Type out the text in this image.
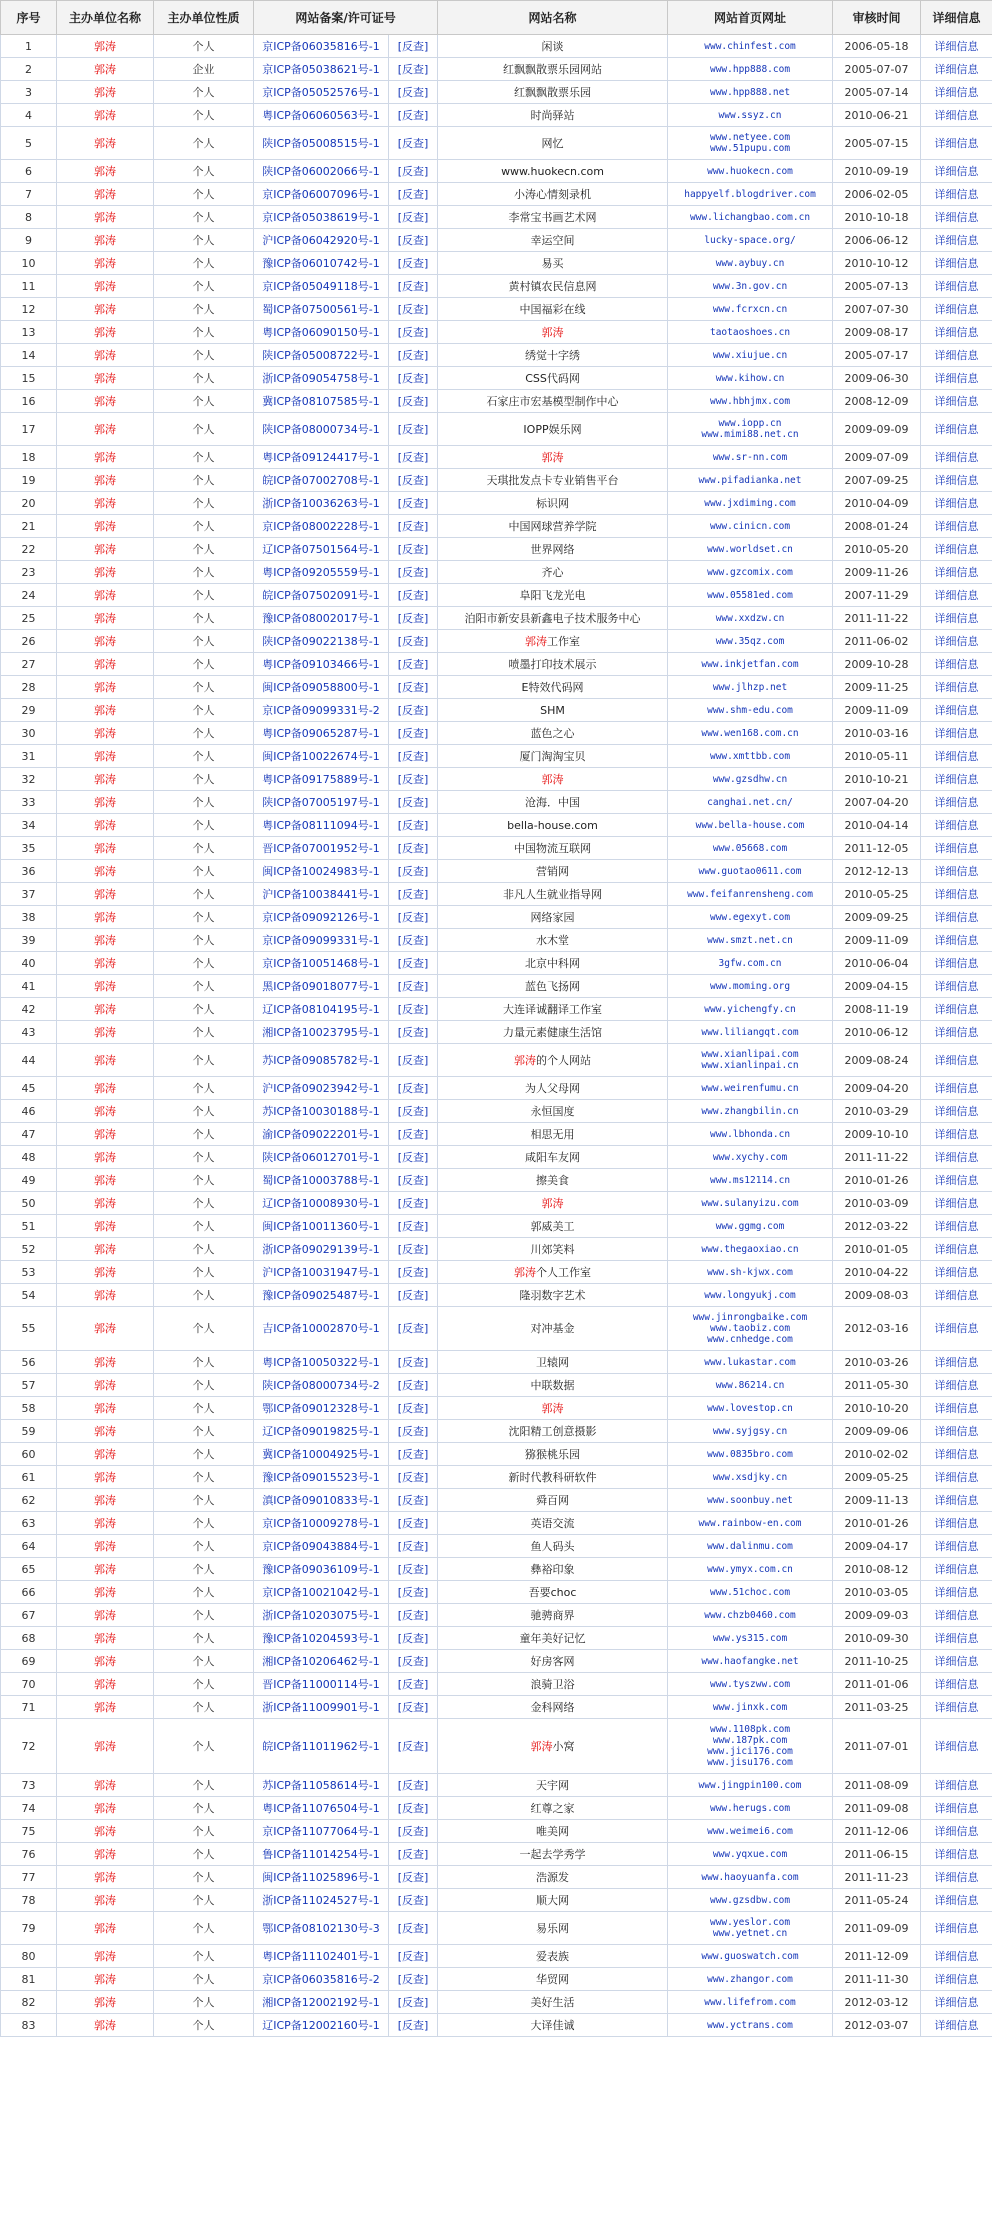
序号	主办单位名称	主办单位性质	网站备案/许可证号		网站名称	网站首页网址	审核时间	详细信息
1	郭涛	个人	京ICP备06035816号-1	[反查]	闲谈	www.chinfest.com	2006-05-18	详细信息
2	郭涛	企业	京ICP备05038621号-1	[反查]	红飘飘散票乐园网站	www.hpp888.com	2005-07-07	详细信息
3	郭涛	个人	京ICP备05052576号-1	[反查]	红飘飘散票乐园	www.hpp888.net	2005-07-14	详细信息
4	郭涛	个人	粤ICP备06060563号-1	[反查]	时尚驿站	www.ssyz.cn	2010-06-21	详细信息
5	郭涛	个人	陕ICP备05008515号-1	[反查]	网忆	www.netyee.com
www.51pupu.com	2005-07-15	详细信息
6	郭涛	个人	陕ICP备06002066号-1	[反查]	www.huokecn.com	www.huokecn.com	2010-09-19	详细信息
7	郭涛	个人	京ICP备06007096号-1	[反查]	小涛心情刻录机	happyelf.blogdriver.com	2006-02-05	详细信息
8	郭涛	个人	京ICP备05038619号-1	[反查]	李常宝书画艺术网	www.lichangbao.com.cn	2010-10-18	详细信息
9	郭涛	个人	沪ICP备06042920号-1	[反查]	幸运空间	lucky-space.org/	2006-06-12	详细信息
10	郭涛	个人	豫ICP备06010742号-1	[反查]	易买	www.aybuy.cn	2010-10-12	详细信息
11	郭涛	个人	京ICP备05049118号-1	[反查]	黄村镇农民信息网	www.3n.gov.cn	2005-07-13	详细信息
12	郭涛	个人	蜀ICP备07500561号-1	[反查]	中国福彩在线	www.fcrxcn.cn	2007-07-30	详细信息
13	郭涛	个人	粤ICP备06090150号-1	[反查]	郭涛	taotaoshoes.cn	2009-08-17	详细信息
14	郭涛	个人	陕ICP备05008722号-1	[反查]	绣觉十字绣	www.xiujue.cn	2005-07-17	详细信息
15	郭涛	个人	浙ICP备09054758号-1	[反查]	CSS代码网	www.kihow.cn	2009-06-30	详细信息
16	郭涛	个人	冀ICP备08107585号-1	[反查]	石家庄市宏基模型制作中心	www.hbhjmx.com	2008-12-09	详细信息
17	郭涛	个人	陕ICP备08000734号-1	[反查]	IOPP娱乐网	www.iopp.cn
www.mimi88.net.cn	2009-09-09	详细信息
18	郭涛	个人	粤ICP备09124417号-1	[反查]	郭涛	www.sr-nn.com	2009-07-09	详细信息
19	郭涛	个人	皖ICP备07002708号-1	[反查]	天琪批发点卡专业销售平台	www.pifadianka.net	2007-09-25	详细信息
20	郭涛	个人	浙ICP备10036263号-1	[反查]	标识网	www.jxdiming.com	2010-04-09	详细信息
21	郭涛	个人	京ICP备08002228号-1	[反查]	中国网球营养学院	www.cinicn.com	2008-01-24	详细信息
22	郭涛	个人	辽ICP备07501564号-1	[反查]	世界网络	www.worldset.cn	2010-05-20	详细信息
23	郭涛	个人	粤ICP备09205559号-1	[反查]	齐心	www.gzcomix.com	2009-11-26	详细信息
24	郭涛	个人	皖ICP备07502091号-1	[反查]	阜阳飞龙光电	www.05581ed.com	2007-11-29	详细信息
25	郭涛	个人	豫ICP备08002017号-1	[反查]	泊阳市新安县新鑫电子技术服务中心	www.xxdzw.cn	2011-11-22	详细信息
26	郭涛	个人	陕ICP备09022138号-1	[反查]	郭涛工作室	www.35qz.com	2011-06-02	详细信息
27	郭涛	个人	粤ICP备09103466号-1	[反查]	喷墨打印技术展示	www.inkjetfan.com	2009-10-28	详细信息
28	郭涛	个人	闽ICP备09058800号-1	[反查]	E特效代码网	www.jlhzp.net	2009-11-25	详细信息
29	郭涛	个人	京ICP备09099331号-2	[反查]	SHM	www.shm-edu.com	2009-11-09	详细信息
30	郭涛	个人	粤ICP备09065287号-1	[反查]	蓝色之心	www.wen168.com.cn	2010-03-16	详细信息
31	郭涛	个人	闽ICP备10022674号-1	[反查]	厦门淘淘宝贝	www.xmttbb.com	2010-05-11	详细信息
32	郭涛	个人	粤ICP备09175889号-1	[反查]	郭涛	www.gzsdhw.cn	2010-10-21	详细信息
33	郭涛	个人	陕ICP备07005197号-1	[反查]	沧海．中国	canghai.net.cn/	2007-04-20	详细信息
34	郭涛	个人	粤ICP备08111094号-1	[反查]	bella-house.com	www.bella-house.com	2010-04-14	详细信息
35	郭涛	个人	晋ICP备07001952号-1	[反查]	中国物流互联网	www.05668.com	2011-12-05	详细信息
36	郭涛	个人	闽ICP备10024983号-1	[反查]	营销网	www.guotao0611.com	2012-12-13	详细信息
37	郭涛	个人	沪ICP备10038441号-1	[反查]	非凡人生就业指导网	www.feifanrensheng.com	2010-05-25	详细信息
38	郭涛	个人	京ICP备09092126号-1	[反查]	网络家园	www.egexyt.com	2009-09-25	详细信息
39	郭涛	个人	京ICP备09099331号-1	[反查]	水木堂	www.smzt.net.cn	2009-11-09	详细信息
40	郭涛	个人	京ICP备10051468号-1	[反查]	北京中科网	3gfw.com.cn	2010-06-04	详细信息
41	郭涛	个人	黑ICP备09018077号-1	[反查]	蓝色飞扬网	www.moming.org	2009-04-15	详细信息
42	郭涛	个人	辽ICP备08104195号-1	[反查]	大连译诚翻译工作室	www.yichengfy.cn	2008-11-19	详细信息
43	郭涛	个人	湘ICP备10023795号-1	[反查]	力量元素健康生活馆	www.liliangqt.com	2010-06-12	详细信息
44	郭涛	个人	苏ICP备09085782号-1	[反查]	郭涛的个人网站	www.xianlipai.com
www.xianlinpai.cn	2009-08-24	详细信息
45	郭涛	个人	沪ICP备09023942号-1	[反查]	为人父母网	www.weirenfumu.cn	2009-04-20	详细信息
46	郭涛	个人	苏ICP备10030188号-1	[反查]	永恒国度	www.zhangbilin.cn	2010-03-29	详细信息
47	郭涛	个人	渝ICP备09022201号-1	[反查]	相思无用	www.lbhonda.cn	2009-10-10	详细信息
48	郭涛	个人	陕ICP备06012701号-1	[反查]	咸阳车友网	www.xychy.com	2011-11-22	详细信息
49	郭涛	个人	蜀ICP备10003788号-1	[反查]	擦美食	www.ms12114.cn	2010-01-26	详细信息
50	郭涛	个人	辽ICP备10008930号-1	[反查]	郭涛	www.sulanyizu.com	2010-03-09	详细信息
51	郭涛	个人	闽ICP备10011360号-1	[反查]	郭威美工	www.ggmg.com	2012-03-22	详细信息
52	郭涛	个人	浙ICP备09029139号-1	[反查]	川郊笑料	www.thegaoxiao.cn	2010-01-05	详细信息
53	郭涛	个人	沪ICP备10031947号-1	[反查]	郭涛个人工作室	www.sh-kjwx.com	2010-04-22	详细信息
54	郭涛	个人	豫ICP备09025487号-1	[反查]	隆羽数字艺术	www.longyukj.com	2009-08-03	详细信息
55	郭涛	个人	吉ICP备10002870号-1	[反查]	对冲基金	www.jinrongbaike.com
www.taobiz.com
www.cnhedge.com	2012-03-16	详细信息
56	郭涛	个人	粤ICP备10050322号-1	[反查]	卫辕网	www.lukastar.com	2010-03-26	详细信息
57	郭涛	个人	陕ICP备08000734号-2	[反查]	中联数据	www.86214.cn	2011-05-30	详细信息
58	郭涛	个人	鄂ICP备09012328号-1	[反查]	郭涛	www.lovestop.cn	2010-10-20	详细信息
59	郭涛	个人	辽ICP备09019825号-1	[反查]	沈阳精工创意摄影	www.syjgsy.cn	2009-09-06	详细信息
60	郭涛	个人	冀ICP备10004925号-1	[反查]	猕猴桃乐园	www.0835bro.com	2010-02-02	详细信息
61	郭涛	个人	豫ICP备09015523号-1	[反查]	新时代教科研软件	www.xsdjky.cn	2009-05-25	详细信息
62	郭涛	个人	滇ICP备09010833号-1	[反查]	舜百网	www.soonbuy.net	2009-11-13	详细信息
63	郭涛	个人	京ICP备10009278号-1	[反查]	英语交流	www.rainbow-en.com	2010-01-26	详细信息
64	郭涛	个人	京ICP备09043884号-1	[反查]	鱼人码头	www.dalinmu.com	2009-04-17	详细信息
65	郭涛	个人	豫ICP备09036109号-1	[反查]	彝裕印象	www.ymyx.com.cn	2010-08-12	详细信息
66	郭涛	个人	京ICP备10021042号-1	[反查]	吾要choc	www.51choc.com	2010-03-05	详细信息
67	郭涛	个人	浙ICP备10203075号-1	[反查]	驰骋商界	www.chzb0460.com	2009-09-03	详细信息
68	郭涛	个人	豫ICP备10204593号-1	[反查]	童年美好记忆	www.ys315.com	2010-09-30	详细信息
69	郭涛	个人	湘ICP备10206462号-1	[反查]	好房客网	www.haofangke.net	2011-10-25	详细信息
70	郭涛	个人	晋ICP备11000114号-1	[反查]	浪骑卫浴	www.tyszww.com	2011-01-06	详细信息
71	郭涛	个人	浙ICP备11009901号-1	[反查]	金科网络	www.jinxk.com	2011-03-25	详细信息
72	郭涛	个人	皖ICP备11011962号-1	[反查]	郭涛小窝	www.1108pk.com
www.187pk.com
www.jici176.com
www.jisu176.com	2011-07-01	详细信息
73	郭涛	个人	苏ICP备11058614号-1	[反查]	天宇网	www.jingpin100.com	2011-08-09	详细信息
74	郭涛	个人	粤ICP备11076504号-1	[反查]	红尊之家	www.herugs.com	2011-09-08	详细信息
75	郭涛	个人	京ICP备11077064号-1	[反查]	唯美网	www.weimei6.com	2011-12-06	详细信息
76	郭涛	个人	鲁ICP备11014254号-1	[反查]	一起去学秀学	www.yqxue.com	2011-06-15	详细信息
77	郭涛	个人	闽ICP备11025896号-1	[反查]	浩源发	www.haoyuanfa.com	2011-11-23	详细信息
78	郭涛	个人	浙ICP备11024527号-1	[反查]	顺大网	www.gzsdbw.com	2011-05-24	详细信息
79	郭涛	个人	鄂ICP备08102130号-3	[反查]	易乐网	www.yeslor.com
www.yetnet.cn	2011-09-09	详细信息
80	郭涛	个人	粤ICP备11102401号-1	[反查]	爱表族	www.guoswatch.com	2011-12-09	详细信息
81	郭涛	个人	京ICP备06035816号-2	[反查]	华贸网	www.zhangor.com	2011-11-30	详细信息
82	郭涛	个人	湘ICP备12002192号-1	[反查]	美好生活	www.lifefrom.com	2012-03-12	详细信息
83	郭涛	个人	辽ICP备12002160号-1	[反查]	大译佳诚	www.yctrans.com	2012-03-07	详细信息
